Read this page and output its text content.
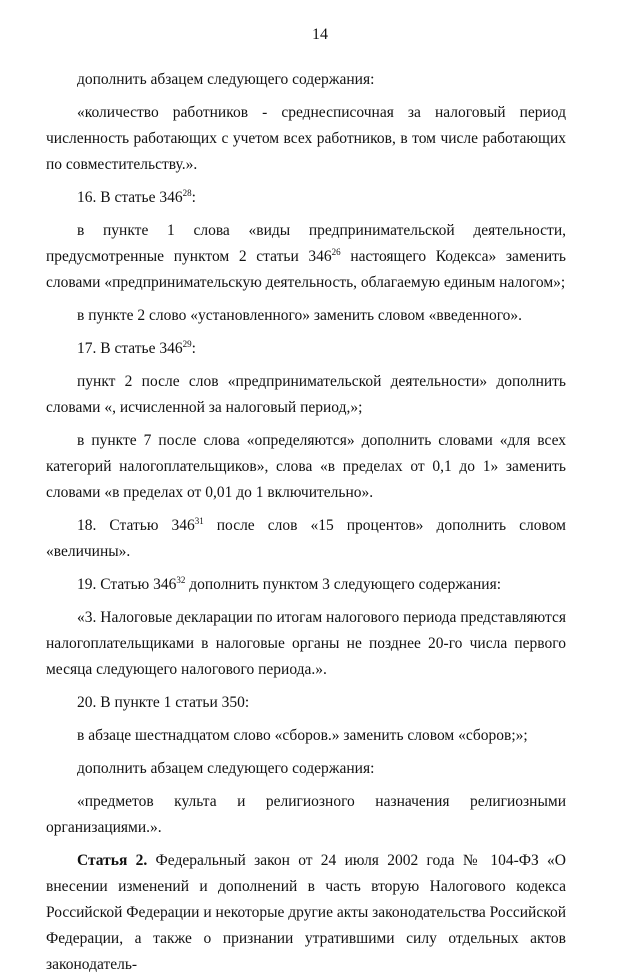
14

дополнить абзацем следующего содержания:

«количество работников - среднесписочная за налоговый период численность работающих с учетом всех работников, в том числе работающих по совместительству.».

16. В статье $346^{28}$:

в пункте 1 слова «виды предпринимательской деятельности, предусмотренные пунктом 2 статьи $346^{26}$ настоящего Кодекса» заменить словами «предпринимательскую деятельность, облагаемую единым налогом»;

в пункте 2 слово «установленного» заменить словом «введенного».

17. В статье $346^{29}$:

пункт 2 после слов «предпринимательской деятельности» дополнить словами «, исчисленной за налоговый период,»;

в пункте 7 после слова «определяются» дополнить словами «для всех категорий налогоплательщиков», слова «в пределах от 0,1 до 1» заменить словами «в пределах от 0,01 до 1 включительно».

18. Статью $346^{31}$ после слов «15 процентов» дополнить словом «величины».

19. Статью $346^{32}$ дополнить пунктом 3 следующего содержания:

«3. Налоговые декларации по итогам налогового периода представляются налогоплательщиками в налоговые органы не позднее 20-го числа первого месяца следующего налогового периода.».

20. В пункте 1 статьи 350:

в абзаце шестнадцатом слово «сборов.» заменить словом «сборов;»;

дополнить абзацем следующего содержания:

«предметов культа и религиозного назначения религиозными организациями.».

Статья 2. Федеральный закон от 24 июля 2002 года № 104-ФЗ «О внесении изменений и дополнений в часть вторую Налогового кодекса Российской Федерации и некоторые другие акты законодательства Российской Федерации, а также о признании утратившими силу отдельных актов законодатель-
